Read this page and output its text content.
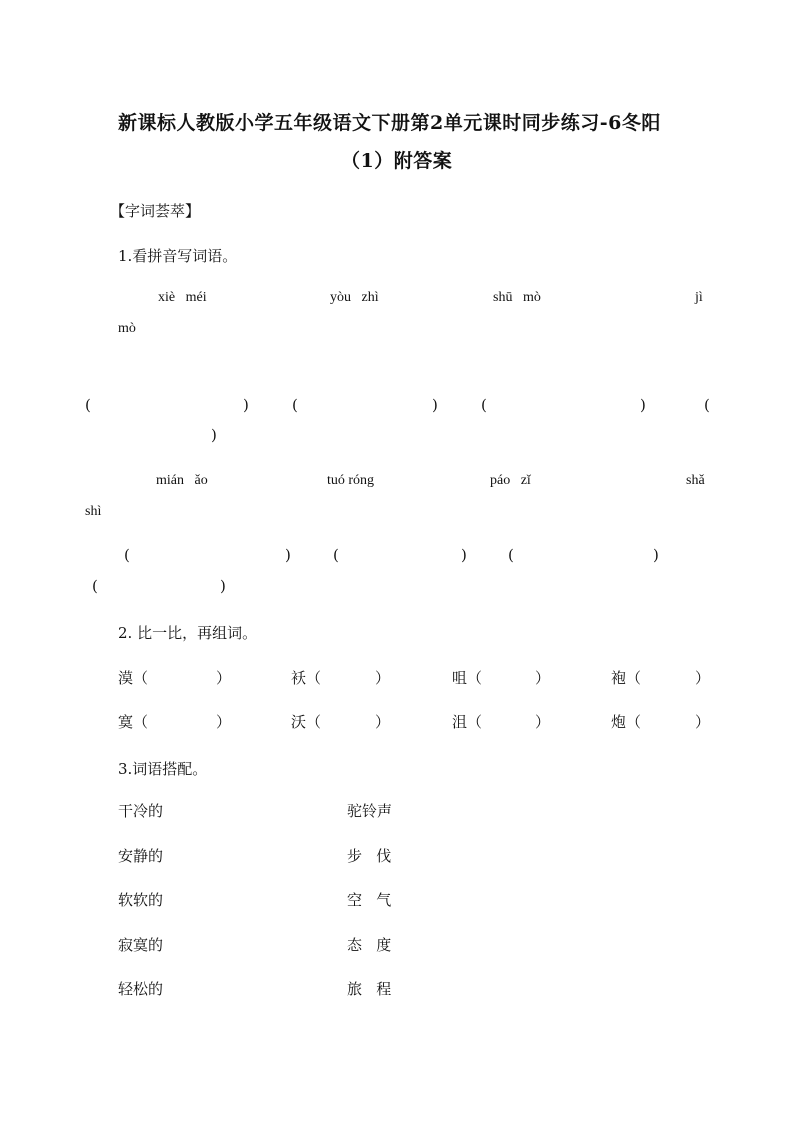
新课标人教版小学五年级语文下册第2单元课时同步练习-6冬阳
（1）附答案
【字词荟萃】
1.看拼音写词语。
xiè   méi	yòu   zhì	shū   mò	jì
mò
(	)	(	)	(	)	(
)
mián   ǎo	tuó róng	páo   zǐ	shǎ
shì
(	)	(	)	(	)
(	)
2. 比一比，再组词。
漠（	）	袄（	）	咀（	）	袍（	）
寞（	）	沃（	）	沮（	）	炮（	）
3.词语搭配。
干冷的	驼铃声
安静的	步   伐
软软的	空   气
寂寞的	态   度
轻松的	旅   程
